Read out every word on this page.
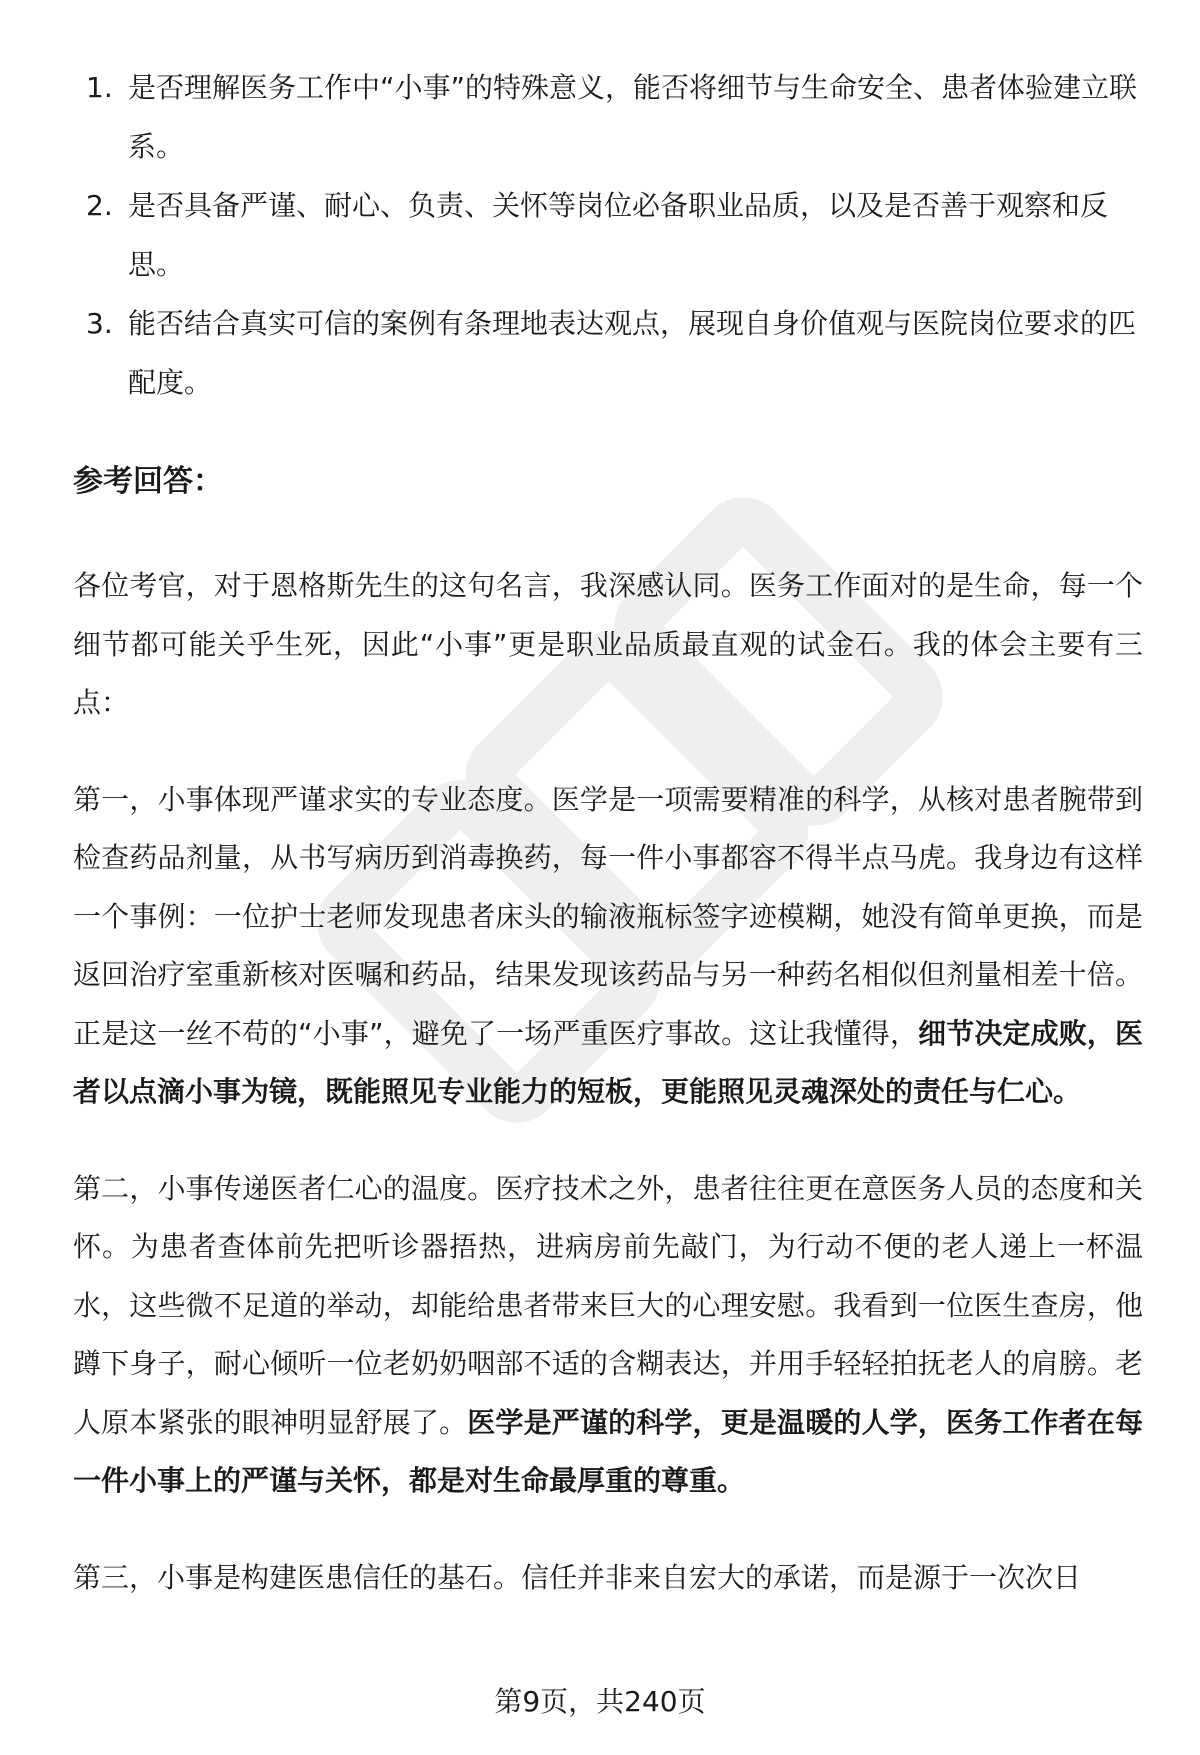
1. 是否理解医务工作中“小事”的特殊意义，能否将细节与生命安全、患者体验建立联系。
2. 是否具备严谨、耐心、负责、关怀等岗位必备职业品质，以及是否善于观察和反思。
3. 能否结合真实可信的案例有条理地表达观点，展现自身价值观与医院岗位要求的匹配度。
参考回答：

各位考官，对于恩格斯先生的这句名言，我深感认同。医务工作面对的是生命，每一个细节都可能关乎生死，因此“小事”更是职业品质最直观的试金石。我的体会主要有三点：

第一，小事体现严谨求实的专业态度。医学是一项需要精准的科学，从核对患者腕带到检查药品剂量，从书写病历到消毒换药，每一件小事都容不得半点马虎。我身边有这样一个事例：一位护士老师发现患者床头的输液瓶标签字迹模糊，她没有简单更换，而是返回治疗室重新核对医嘱和药品，结果发现该药品与另一种药名相似但剂量相差十倍。正是这一丝不苟的“小事”，避免了一场严重医疗事故。这让我懂得，细节决定成败，医者以点滴小事为镜，既能照见专业能力的短板，更能照见灵魂深处的责任与仁心。

第二，小事传递医者仁心的温度。医疗技术之外，患者往往更在意医务人员的态度和关怀。为患者查体前先把听诊器捂热，进病房前先敲门，为行动不便的老人递上一杯温水，这些微不足道的举动，却能给患者带来巨大的心理安慰。我看到一位医生查房，他蹲下身子，耐心倾听一位老奶奶咽部不适的含糊表达，并用手轻轻拍抚老人的肩膀。老人原本紧张的眼神明显舒展了。医学是严谨的科学，更是温暖的人学，医务工作者在每一件小事上的严谨与关怀，都是对生命最厚重的尊重。

第三，小事是构建医患信任的基石。信任并非来自宏大的承诺，而是源于一次次日

第9页，共240页
